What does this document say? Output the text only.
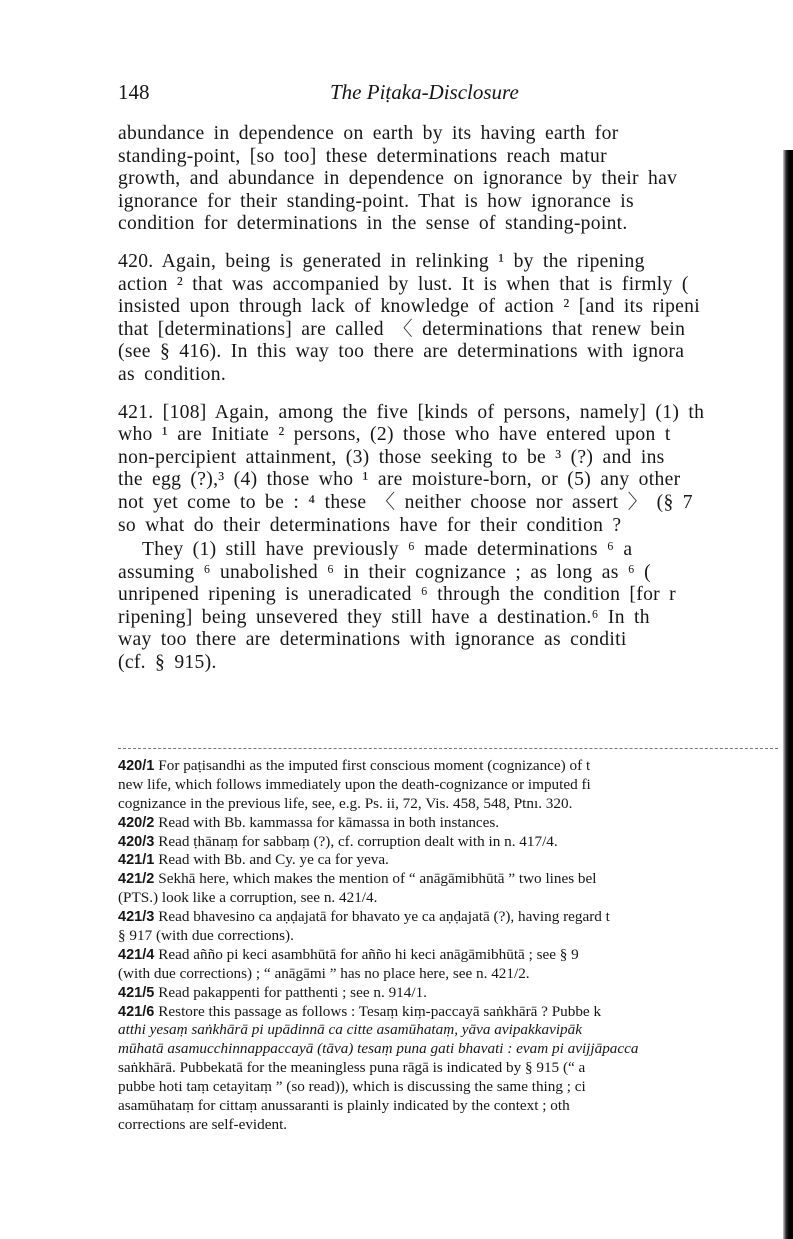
148	The Piṭaka-Disclosure
abundance in dependence on earth by its having earth for
standing-point, [so too] these determinations reach matur
growth, and abundance in dependence on ignorance by their hav
ignorance for their standing-point. That is how ignorance is
condition for determinations in the sense of standing-point.
420. Again, being is generated in relinking ¹ by the ripening
action ² that was accompanied by lust. It is when that is firmly (
insisted upon through lack of knowledge of action ² [and its ripeni
that [determinations] are called 〈 determinations that renew bein
(see § 416). In this way too there are determinations with ignora
as condition.
421. [108] Again, among the five [kinds of persons, namely] (1) th
who ¹ are Initiate ² persons, (2) those who have entered upon t
non-percipient attainment, (3) those seeking to be ³ (?) and ins
the egg (?),³ (4) those who ¹ are moisture-born, or (5) any other
not yet come to be : ⁴ these 〈 neither choose nor assert 〉 (§ 7
so what do their determinations have for their condition ?
They (1) still have previously ⁶ made determinations ⁶ a
assuming ⁶ unabolished ⁶ in their cognizance ; as long as ⁶ (
unripened ripening is uneradicated ⁶ through the condition [for r
ripening] being unsevered they still have a destination.⁶ In th
way too there are determinations with ignorance as conditi
(cf. § 915).
420/1 For paṭisandhi as the imputed first conscious moment (cognizance) of t
new life, which follows immediately upon the death-cognizance or imputed fi
cognizance in the previous life, see, e.g. Ps. ii, 72, Vis. 458, 548, Ptnı. 320.
420/2 Read with Bb. kammassa for kāmassa in both instances.
420/3 Read ṭhānaṃ for sabbaṃ (?), cf. corruption dealt with in n. 417/4.
421/1 Read with Bb. and Cy. ye ca for yeva.
421/2 Sekhā here, which makes the mention of “ anāgāmibhūtā ” two lines bel
(PTS.) look like a corruption, see n. 421/4.
421/3 Read bhavesino ca aṇḍajatā for bhavato ye ca aṇḍajatā (?), having regard t
§ 917 (with due corrections).
421/4 Read añño pi keci asambhūtā for añño hi keci anāgāmibhūtā ; see § 9
(with due corrections) ; “ anāgāmi ” has no place here, see n. 421/2.
421/5 Read pakappenti for patthenti ; see n. 914/1.
421/6 Restore this passage as follows : Tesaṃ kiṃ-paccayā saṅkhārā ? Pubbe k
atthi yesaṃ saṅkhārā pi upādinnā ca citte asamūhataṃ, yāva avipakkavipāk
mūhatā asamucchinnappaccayā (tāva) tesaṃ puna gati bhavati : evam pi avijjāpacca
saṅkhārā. Pubbekatā for the meaningless puna rāgā is indicated by § 915 (“ a
pubbe hoti taṃ cetayitaṃ ” (so read)), which is discussing the same thing ; ci
asamūhataṃ for cittaṃ anussaranti is plainly indicated by the context ; oth
corrections are self-evident.
